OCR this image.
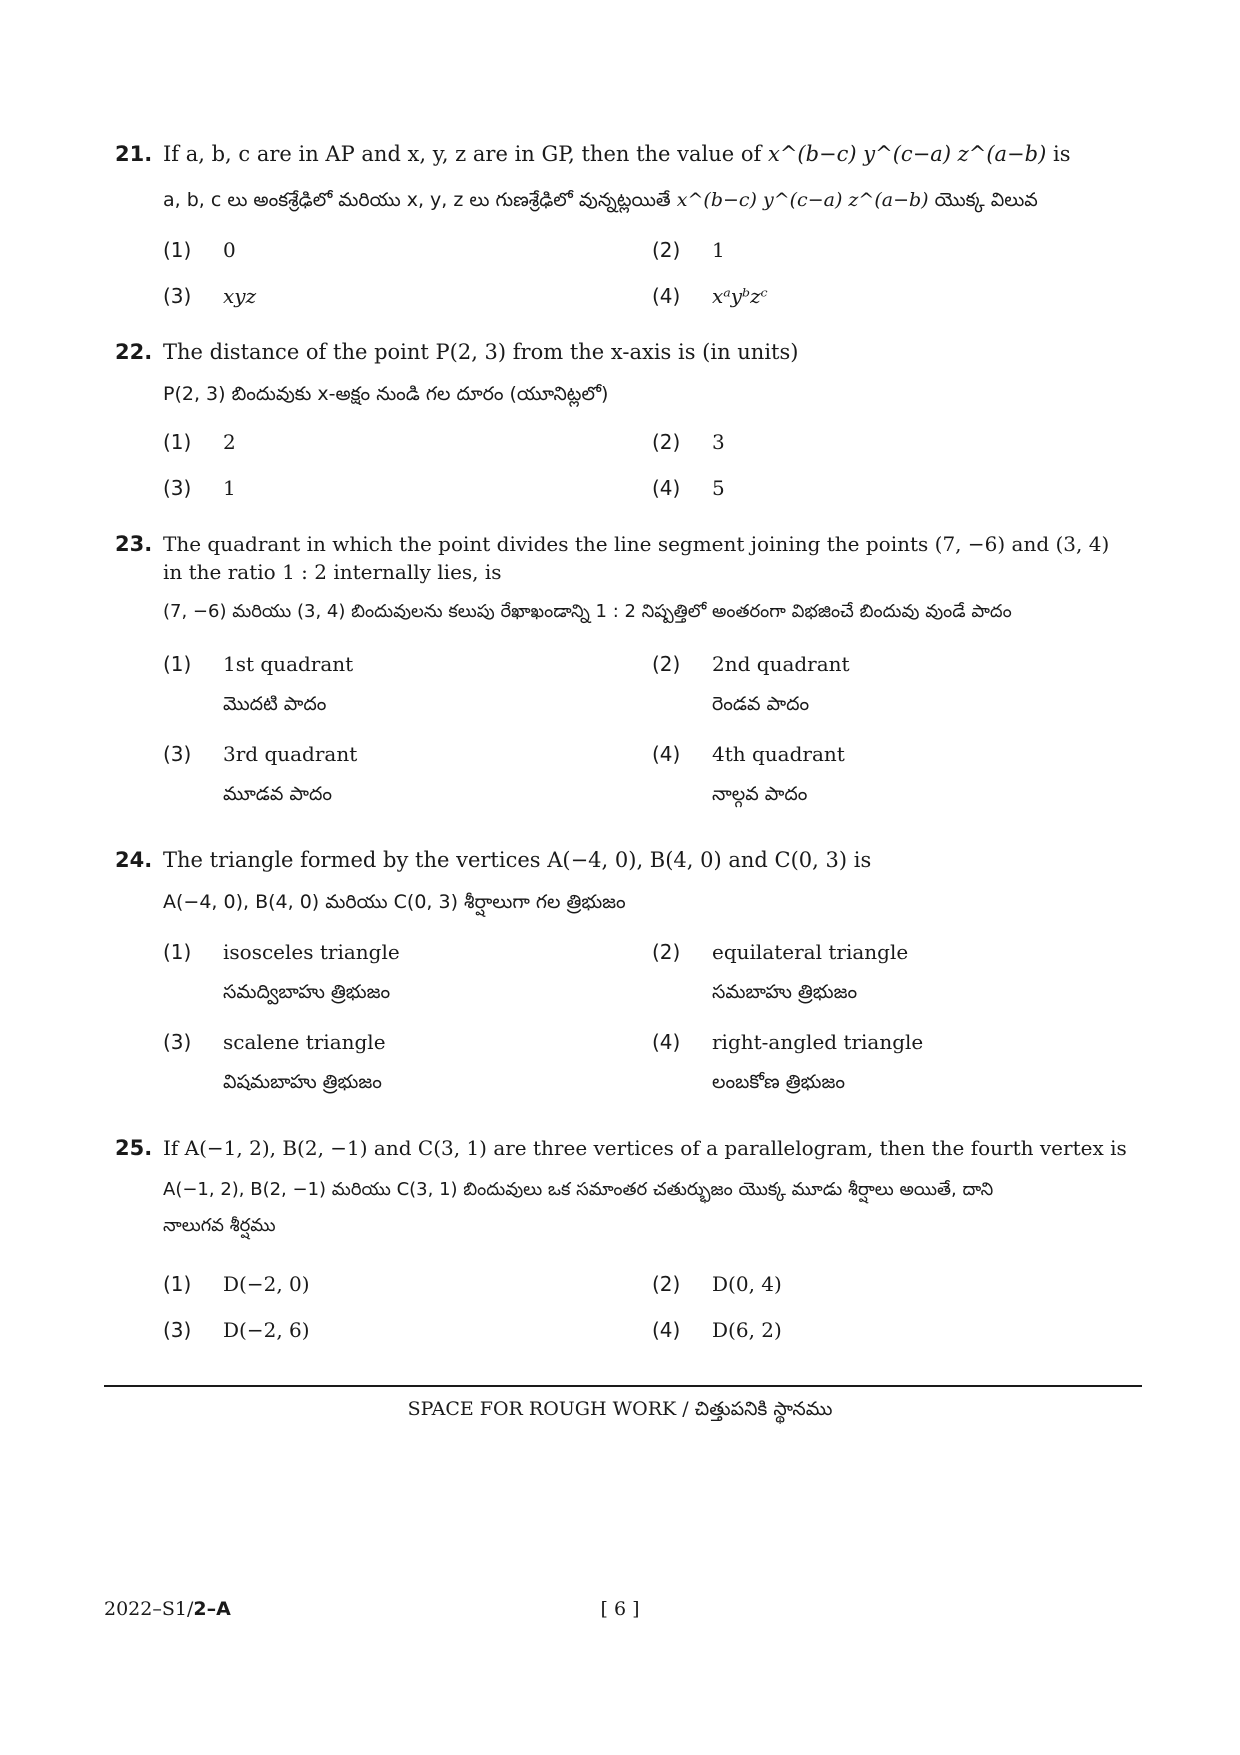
21. If a, b, c are in AP and x, y, z are in GP, then the value of x^(b−c) y^(c−a) z^(a−b) is
a, b, c లు అంకశ్రేఢిలో మరియు x, y, z లు గుణశ్రేఢిలో వున్నట్లయితే x^(b−c) y^(c−a) z^(a−b) యొక్క విలువ
(1) 0	(2) 1
(3) xyz	(4) xᵃyᵇzᶜ
22. The distance of the point P(2, 3) from the x-axis is (in units)
P(2, 3) బిందువుకు x-అక్షం నుండి గల దూరం (యూనిట్లలో)
(1) 2	(2) 3
(3) 1	(4) 5
23. The quadrant in which the point divides the line segment joining the points (7, −6) and (3, 4)
in the ratio 1 : 2 internally lies, is
(7, −6) మరియు (3, 4) బిందువులను కలుపు రేఖాఖండాన్ని 1 : 2 నిష్పత్తిలో అంతరంగా విభజించే బిందువు వుండే పాదం
(1) 1st quadrant
మొదటి పాదం
(2) 2nd quadrant
రెండవ పాదం
(3) 3rd quadrant
మూడవ పాదం
(4) 4th quadrant
నాల్గవ పాదం
24. The triangle formed by the vertices A(−4, 0), B(4, 0) and C(0, 3) is
A(−4, 0), B(4, 0) మరియు C(0, 3) శీర్షాలుగా గల త్రిభుజం
(1) isosceles triangle
సమద్విబాహు త్రిభుజం
(2) equilateral triangle
సమబాహు త్రిభుజం
(3) scalene triangle
విషమబాహు త్రిభుజం
(4) right-angled triangle
లంబకోణ త్రిభుజం
25. If A(−1, 2), B(2, −1) and C(3, 1) are three vertices of a parallelogram, then the fourth vertex is
A(−1, 2), B(2, −1) మరియు C(3, 1) బిందువులు ఒక సమాంతర చతుర్భుజం యొక్క మూడు శీర్షాలు అయితే, దాని
నాలుగవ శీర్షము
(1) D(−2, 0)	(2) D(0, 4)
(3) D(−2, 6)	(4) D(6, 2)
SPACE FOR ROUGH WORK / చిత్తుపనికి స్థానము
2022–S1/2–A	[ 6 ]
